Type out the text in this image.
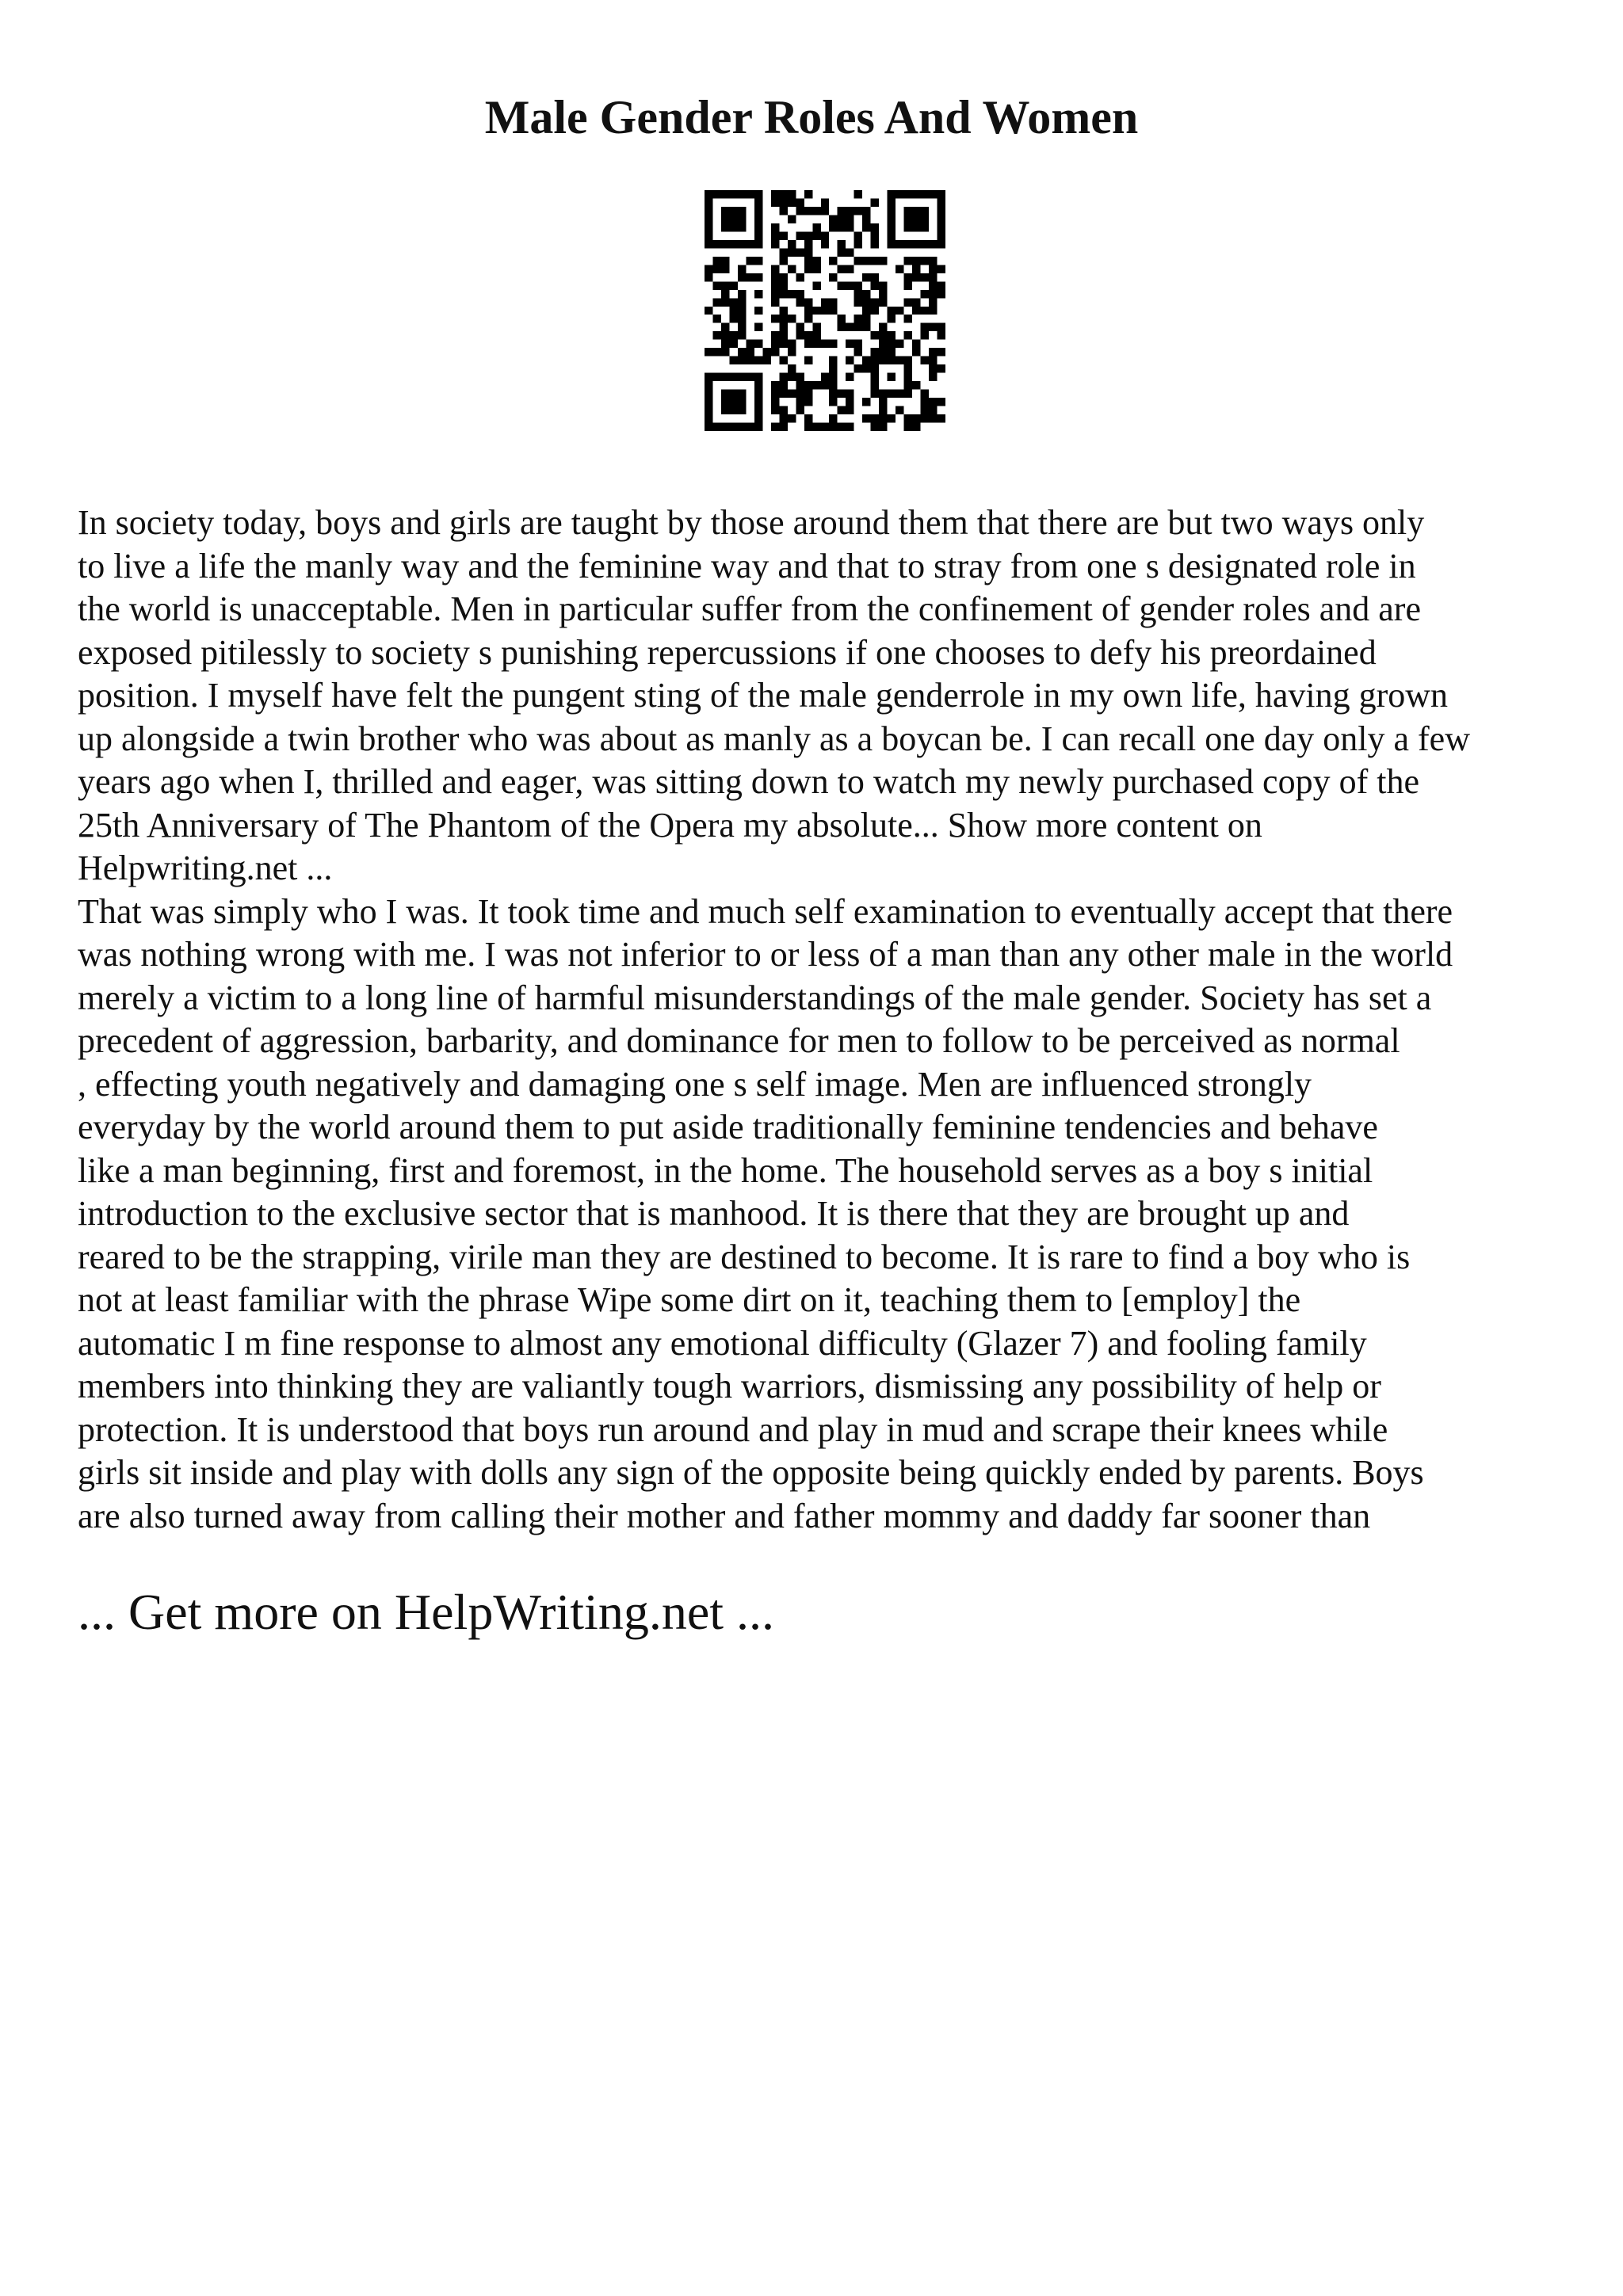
Male Gender Roles And Women
In society today, boys and girls are taught by those around them that there are but two ways only
to live a life the manly way and the feminine way and that to stray from one s designated role in
the world is unacceptable. Men in particular suffer from the confinement of gender roles and are
exposed pitilessly to society s punishing repercussions if one chooses to defy his preordained
position. I myself have felt the pungent sting of the male genderrole in my own life, having grown
up alongside a twin brother who was about as manly as a boycan be. I can recall one day only a few
years ago when I, thrilled and eager, was sitting down to watch my newly purchased copy of the
25th Anniversary of The Phantom of the Opera my absolute... Show more content on
Helpwriting.net ...
That was simply who I was. It took time and much self examination to eventually accept that there
was nothing wrong with me. I was not inferior to or less of a man than any other male in the world
merely a victim to a long line of harmful misunderstandings of the male gender. Society has set a
precedent of aggression, barbarity, and dominance for men to follow to be perceived as normal
, effecting youth negatively and damaging one s self image. Men are influenced strongly
everyday by the world around them to put aside traditionally feminine tendencies and behave
like a man beginning, first and foremost, in the home. The household serves as a boy s initial
introduction to the exclusive sector that is manhood. It is there that they are brought up and
reared to be the strapping, virile man they are destined to become. It is rare to find a boy who is
not at least familiar with the phrase Wipe some dirt on it, teaching them to [employ] the
automatic I m fine response to almost any emotional difficulty (Glazer 7) and fooling family
members into thinking they are valiantly tough warriors, dismissing any possibility of help or
protection. It is understood that boys run around and play in mud and scrape their knees while
girls sit inside and play with dolls any sign of the opposite being quickly ended by parents. Boys
are also turned away from calling their mother and father mommy and daddy far sooner than
... Get more on HelpWriting.net ...
